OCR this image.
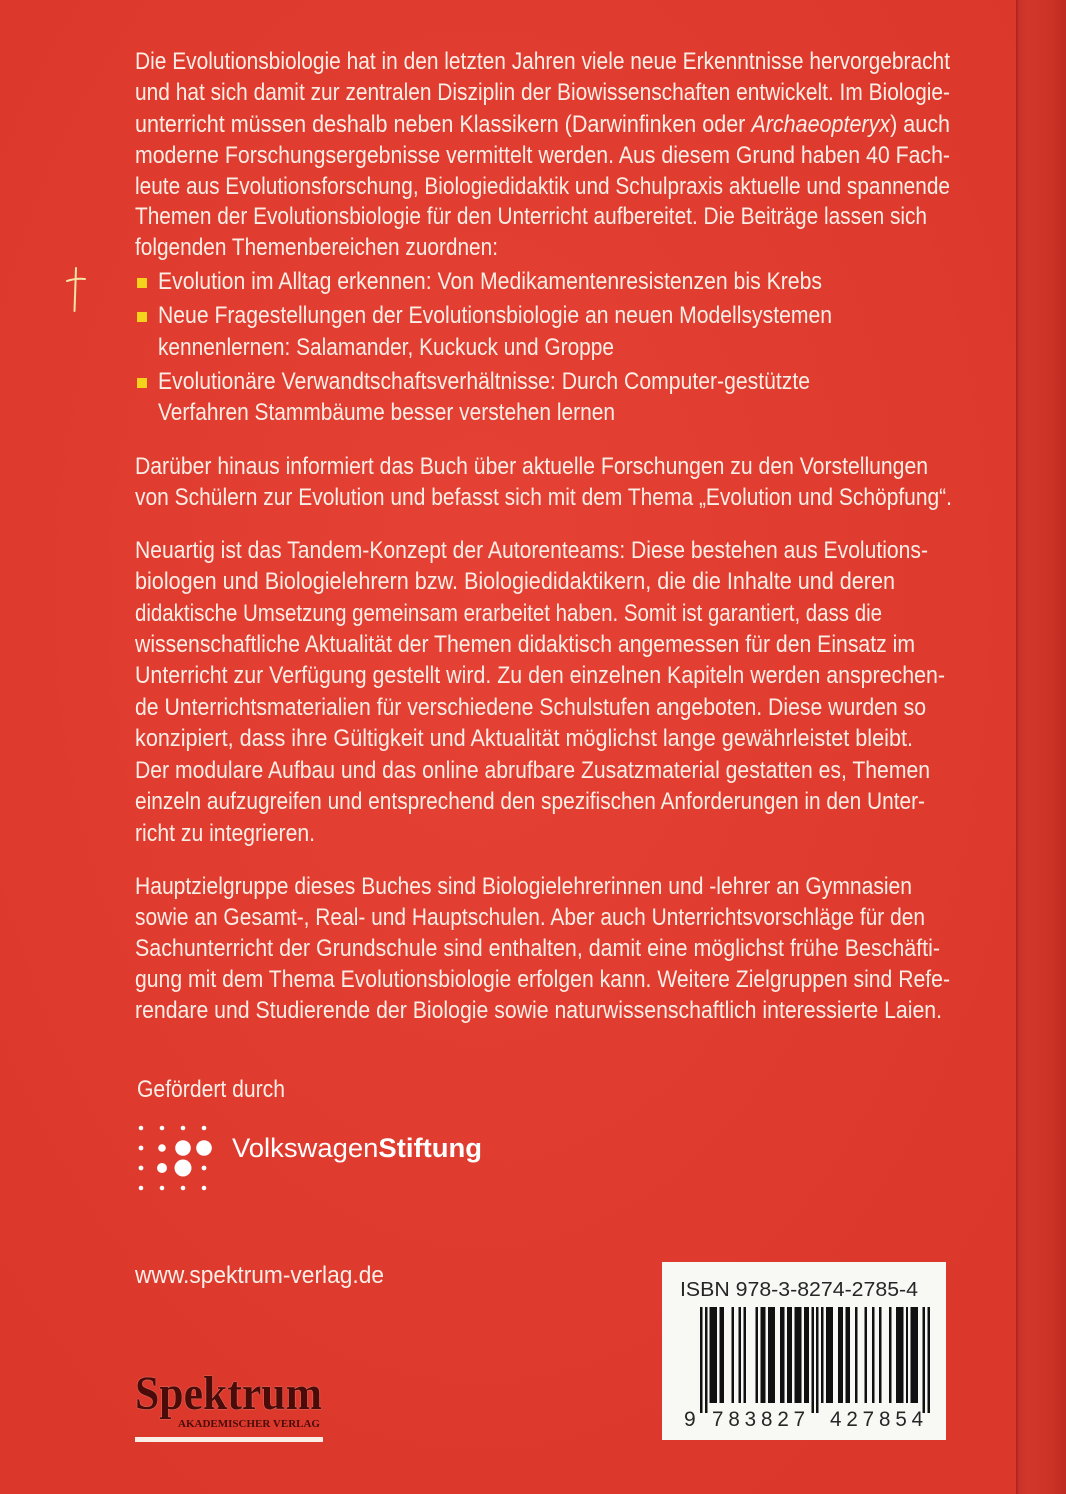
Die Evolutionsbiologie hat in den letzten Jahren viele neue Erkenntnisse hervorgebracht
und hat sich damit zur zentralen Disziplin der Biowissenschaften entwickelt. Im Biologie-
unterricht müssen deshalb neben Klassikern (Darwinfinken oder Archaeopteryx) auch
moderne Forschungsergebnisse vermittelt werden. Aus diesem Grund haben 40 Fach-
leute aus Evolutionsforschung, Biologiedidaktik und Schulpraxis aktuelle und spannende
Themen der Evolutionsbiologie für den Unterricht aufbereitet. Die Beiträge lassen sich
folgenden Themenbereichen zuordnen:
Evolution im Alltag erkennen: Von Medikamentenresistenzen bis Krebs
Neue Fragestellungen der Evolutionsbiologie an neuen Modellsystemen
kennenlernen: Salamander, Kuckuck und Groppe
Evolutionäre Verwandtschaftsverhältnisse: Durch Computer-gestützte
Verfahren Stammbäume besser verstehen lernen
Darüber hinaus informiert das Buch über aktuelle Forschungen zu den Vorstellungen
von Schülern zur Evolution und befasst sich mit dem Thema „Evolution und Schöpfung“.
Neuartig ist das Tandem-Konzept der Autorenteams: Diese bestehen aus Evolutions-
biologen und Biologielehrern bzw. Biologiedidaktikern, die die Inhalte und deren
didaktische Umsetzung gemeinsam erarbeitet haben. Somit ist garantiert, dass die
wissenschaftliche Aktualität der Themen didaktisch angemessen für den Einsatz im
Unterricht zur Verfügung gestellt wird. Zu den einzelnen Kapiteln werden ansprechen-
de Unterrichtsmaterialien für verschiedene Schulstufen angeboten. Diese wurden so
konzipiert, dass ihre Gültigkeit und Aktualität möglichst lange gewährleistet bleibt.
Der modulare Aufbau und das online abrufbare Zusatzmaterial gestatten es, Themen
einzeln aufzugreifen und entsprechend den spezifischen Anforderungen in den Unter-
richt zu integrieren.
Hauptzielgruppe dieses Buches sind Biologielehrerinnen und -lehrer an Gymnasien
sowie an Gesamt-, Real- und Hauptschulen. Aber auch Unterrichtsvorschläge für den
Sachunterricht der Grundschule sind enthalten, damit eine möglichst frühe Beschäfti-
gung mit dem Thema Evolutionsbiologie erfolgen kann. Weitere Zielgruppen sind Refe-
rendare und Studierende der Biologie sowie naturwissenschaftlich interessierte Laien.
Gefördert durch
VolkswagenStiftung
www.spektrum-verlag.de
Spektrum
AKADEMISCHER VERLAG
ISBN 978-3-8274-2785-4
9 783827 427854
